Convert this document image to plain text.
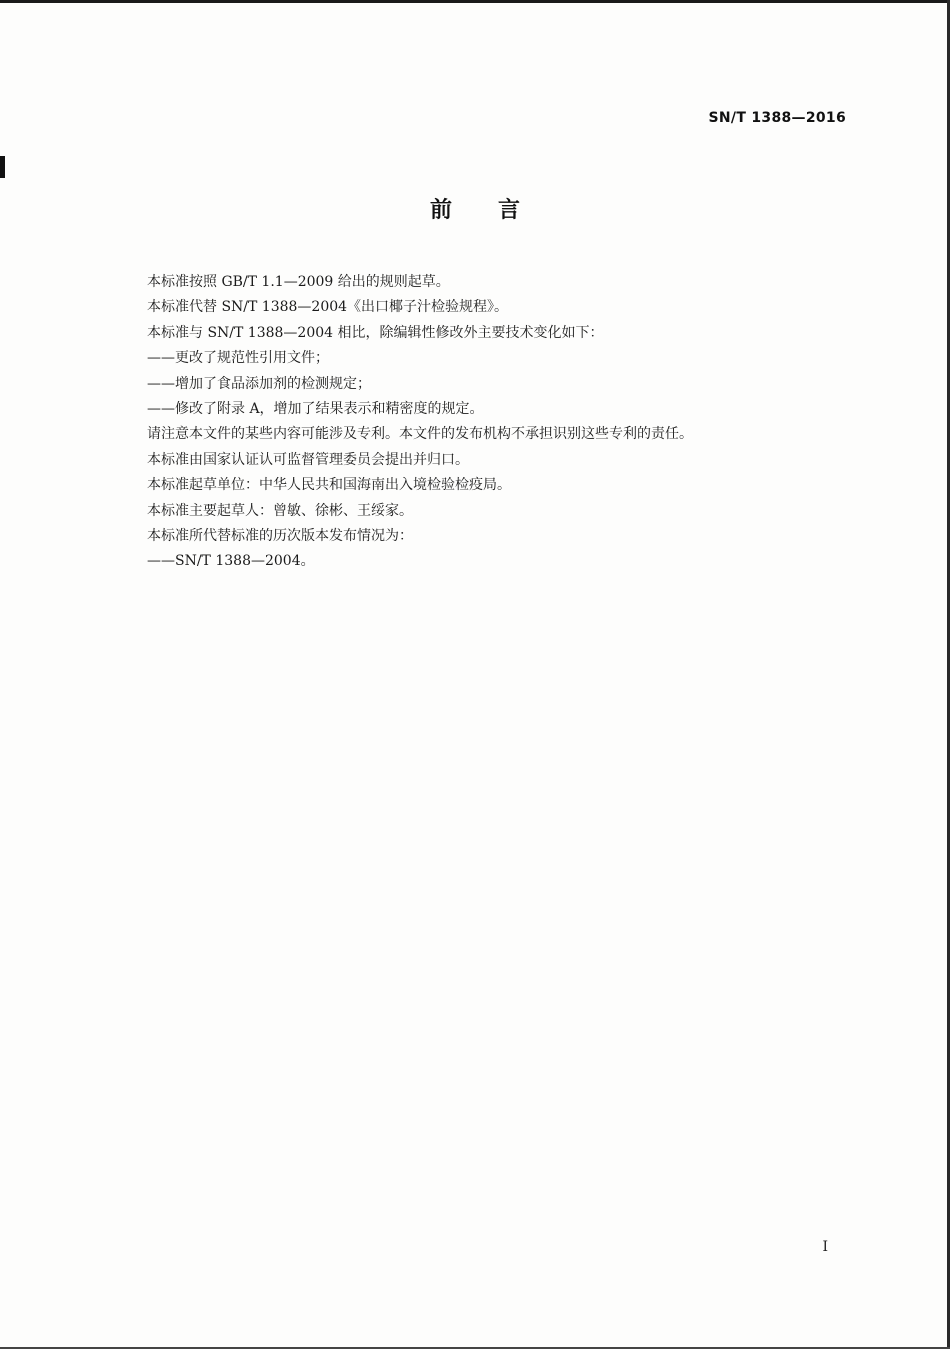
SN/T 1388—2016
前言
本标准按照 GB/T 1.1—2009 给出的规则起草。
本标准代替 SN/T 1388—2004《出口椰子汁检验规程》。
本标准与 SN/T 1388—2004 相比，除编辑性修改外主要技术变化如下：
——更改了规范性引用文件；
——增加了食品添加剂的检测规定；
——修改了附录 A，增加了结果表示和精密度的规定。
请注意本文件的某些内容可能涉及专利。本文件的发布机构不承担识别这些专利的责任。
本标准由国家认证认可监督管理委员会提出并归口。
本标准起草单位：中华人民共和国海南出入境检验检疫局。
本标准主要起草人：曾敏、徐彬、王绥家。
本标准所代替标准的历次版本发布情况为：
——SN/T 1388—2004。
I
